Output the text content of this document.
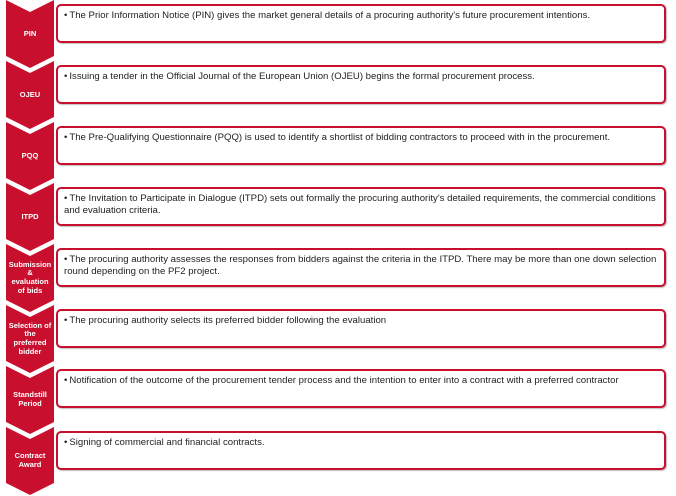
PIN
• The Prior Information Notice (PIN) gives the market general details of a procuring authority's future procurement intentions.
OJEU
• Issuing a tender in the Official Journal of the European Union (OJEU) begins the formal procurement process.
PQQ
• The Pre-Qualifying Questionnaire (PQQ) is used to identify a shortlist of bidding contractors to proceed with in the procurement.
ITPD
• The Invitation to Participate in Dialogue (ITPD) sets out formally the procuring authority's detailed requirements, the commercial conditions and evaluation criteria.
Submission
&
evaluation
of bids
• The procuring authority assesses the responses from bidders against the criteria in the ITPD. There may be more than one down selection round depending on the PF2 project.
Selection of
the
preferred
bidder
• The procuring authority selects its preferred bidder following the evaluation
Standstill
Period
• Notification of the outcome of the procurement tender process and the intention to enter into a contract with a preferred contractor
Contract
Award
• Signing of commercial and financial contracts.
